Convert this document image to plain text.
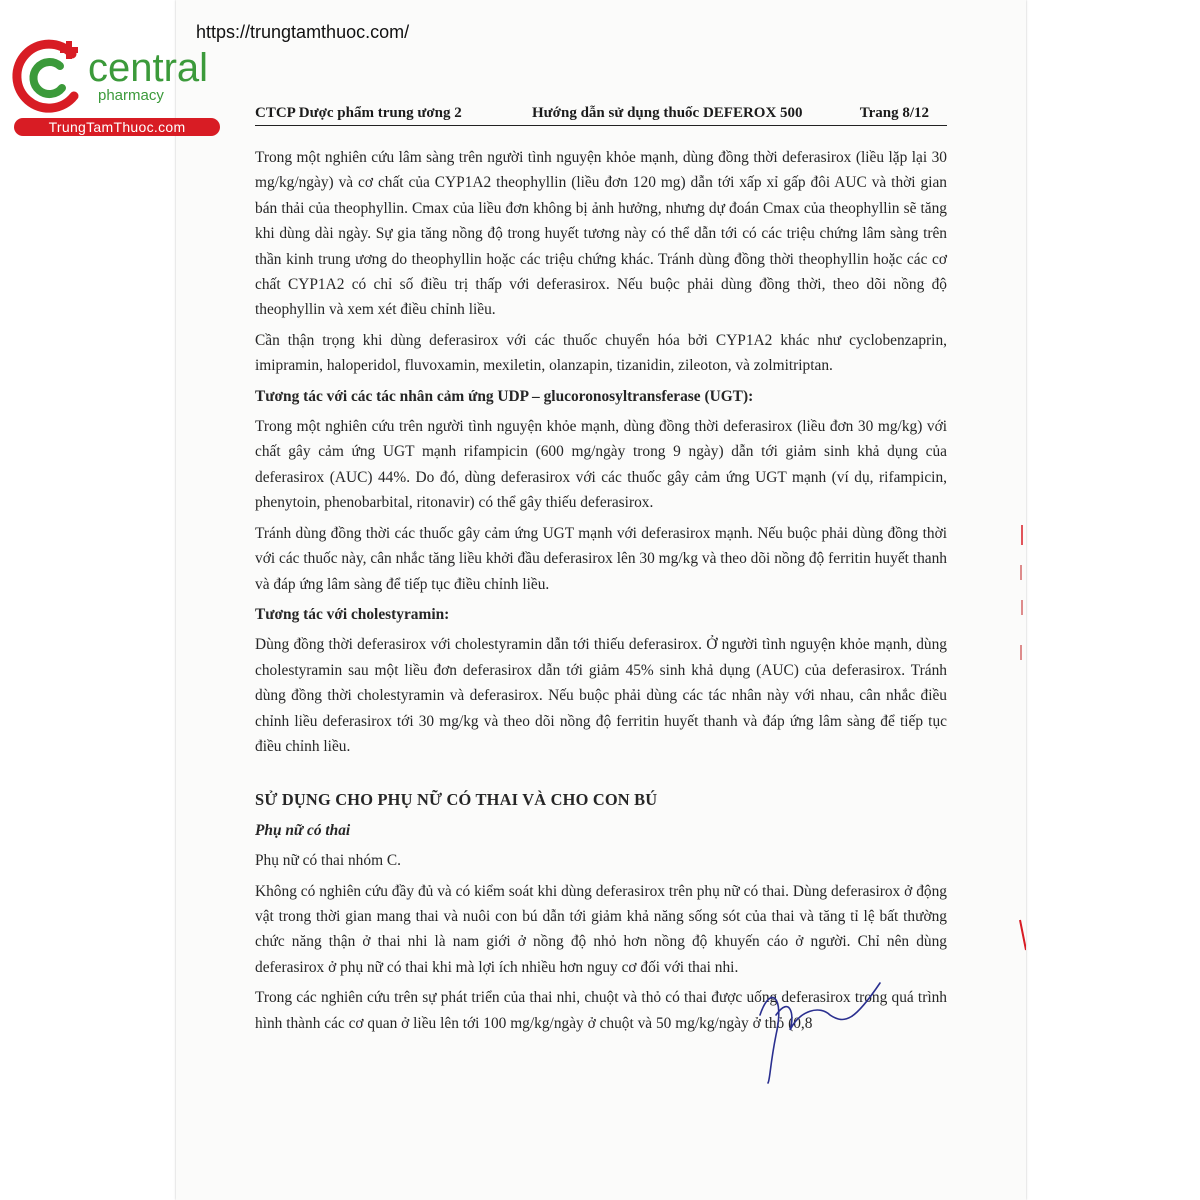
https://trungtamthuoc.com/
central
pharmacy
TrungTamThuoc.com
CTCP Dược phẩm trung ương 2	Hướng dẫn sử dụng thuốc DEFEROX 500	Trang 8/12

Trong một nghiên cứu lâm sàng trên người tình nguyện khỏe mạnh, dùng đồng thời deferasirox (liều lặp lại 30 mg/kg/ngày) và cơ chất của CYP1A2 theophyllin (liều đơn 120 mg) dẫn tới xấp xỉ gấp đôi AUC và thời gian bán thải của theophyllin. Cmax của liều đơn không bị ảnh hưởng, nhưng dự đoán Cmax của theophyllin sẽ tăng khi dùng dài ngày. Sự gia tăng nồng độ trong huyết tương này có thể dẫn tới có các triệu chứng lâm sàng trên thần kinh trung ương do theophyllin hoặc các triệu chứng khác. Tránh dùng đồng thời theophyllin hoặc các cơ chất CYP1A2 có chỉ số điều trị thấp với deferasirox. Nếu buộc phải dùng đồng thời, theo dõi nồng độ theophyllin và xem xét điều chỉnh liều.

Cần thận trọng khi dùng deferasirox với các thuốc chuyển hóa bởi CYP1A2 khác như cyclobenzaprin, imipramin, haloperidol, fluvoxamin, mexiletin, olanzapin, tizanidin, zileoton, và zolmitriptan.

Tương tác với các tác nhân cảm ứng UDP – glucoronosyltransferase (UGT):

Trong một nghiên cứu trên người tình nguyện khỏe mạnh, dùng đồng thời deferasirox (liều đơn 30 mg/kg) với chất gây cảm ứng UGT mạnh rifampicin (600 mg/ngày trong 9 ngày) dẫn tới giảm sinh khả dụng của deferasirox (AUC) 44%. Do đó, dùng deferasirox với các thuốc gây cảm ứng UGT mạnh (ví dụ, rifampicin, phenytoin, phenobarbital, ritonavir) có thể gây thiếu deferasirox.

Tránh dùng đồng thời các thuốc gây cảm ứng UGT mạnh với deferasirox mạnh. Nếu buộc phải dùng đồng thời với các thuốc này, cân nhắc tăng liều khởi đầu deferasirox lên 30 mg/kg và theo dõi nồng độ ferritin huyết thanh và đáp ứng lâm sàng để tiếp tục điều chỉnh liều.

Tương tác với cholestyramin:

Dùng đồng thời deferasirox với cholestyramin dẫn tới thiếu deferasirox. Ở người tình nguyện khỏe mạnh, dùng cholestyramin sau một liều đơn deferasirox dẫn tới giảm 45% sinh khả dụng (AUC) của deferasirox. Tránh dùng đồng thời cholestyramin và deferasirox. Nếu buộc phải dùng các tác nhân này với nhau, cân nhắc điều chỉnh liều deferasirox tới 30 mg/kg và theo dõi nồng độ ferritin huyết thanh và đáp ứng lâm sàng để tiếp tục điều chỉnh liều.

SỬ DỤNG CHO PHỤ NỮ CÓ THAI VÀ CHO CON BÚ
Phụ nữ có thai

Phụ nữ có thai nhóm C.

Không có nghiên cứu đầy đủ và có kiểm soát khi dùng deferasirox trên phụ nữ có thai. Dùng deferasirox ở động vật trong thời gian mang thai và nuôi con bú dẫn tới giảm khả năng sống sót của thai và tăng tỉ lệ bất thường chức năng thận ở thai nhi là nam giới ở nồng độ nhỏ hơn nồng độ khuyến cáo ở người. Chỉ nên dùng deferasirox ở phụ nữ có thai khi mà lợi ích nhiều hơn nguy cơ đối với thai nhi.

Trong các nghiên cứu trên sự phát triển của thai nhi, chuột và thỏ có thai được uống deferasirox trong quá trình hình thành các cơ quan ở liều lên tới 100 mg/kg/ngày ở chuột và 50 mg/kg/ngày ở thỏ (0,8
